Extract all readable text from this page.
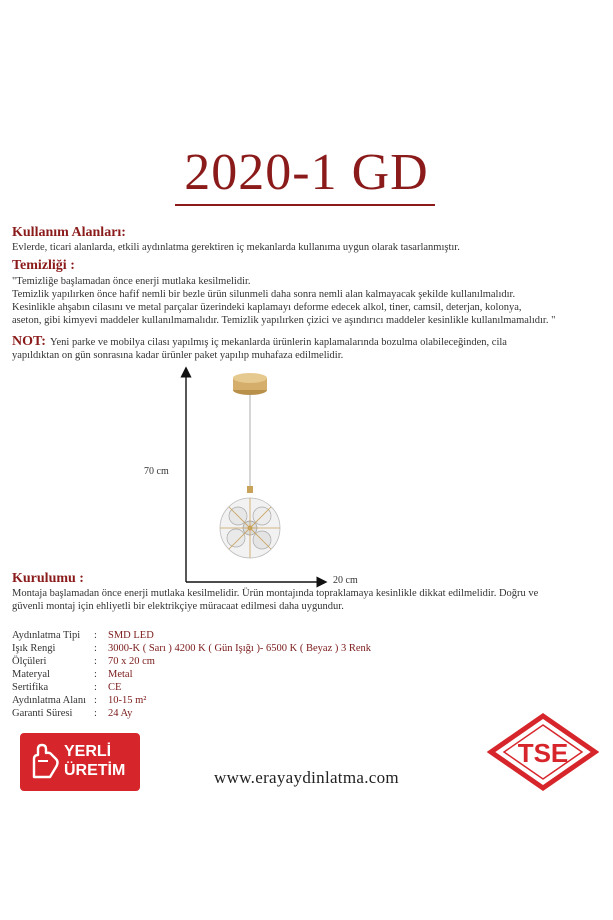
2020-1 GD
Kullanım Alanları:
Evlerde, ticari alanlarda, etkili aydınlatma gerektiren iç mekanlarda kullanıma uygun olarak tasarlanmıştır.
Temizliği :
"Temizliğe başlamadan önce enerji mutlaka kesilmelidir.
Temizlik yapılırken önce hafif nemli bir bezle ürün silunmeli daha sonra nemli alan kalmayacak şekilde kullanılmalıdır.
Kesinlikle ahşabın cilasını ve metal parçalar üzerindeki kaplamayı deforme edecek alkol, tiner, camsil, deterjan, kolonya,
aseton, gibi kimyevi maddeler kullanılmamalıdır. Temizlik yapılırken çizici ve aşındırıcı maddeler kesinlikle kullanılmamalıdır. "
NOT: Yeni parke ve mobilya cilası yapılmış iç mekanlarda ürünlerin kaplamalarında bozulma olabileceğinden, cila
yapıldıktan on gün sonrasına kadar ürünler paket yapılıp muhafaza edilmelidir.
70 cm
20 cm
Kurulumu :
Montaja başlamadan önce enerji mutlaka kesilmelidir. Ürün montajında topraklamaya kesinlikle dikkat edilmelidir. Doğru ve
güvenli montaj için ehliyetli bir elektrikçiye müracaat edilmesi daha uygundur.
Aydınlatma Tipi : SMD LED
Işık Rengi	: 3000-K ( Sarı ) 4200 K ( Gün Işığı )- 6500 K ( Beyaz ) 3 Renk
Ölçüleri	: 70 x 20 cm
Materyal	: Metal
Sertifika	: CE
Aydınlatma Alanı : 10-15 m²
Garanti Süresi : 24 Ay
YERLİ
ÜRETİM	www.erayaydinlatma.com
TSE
